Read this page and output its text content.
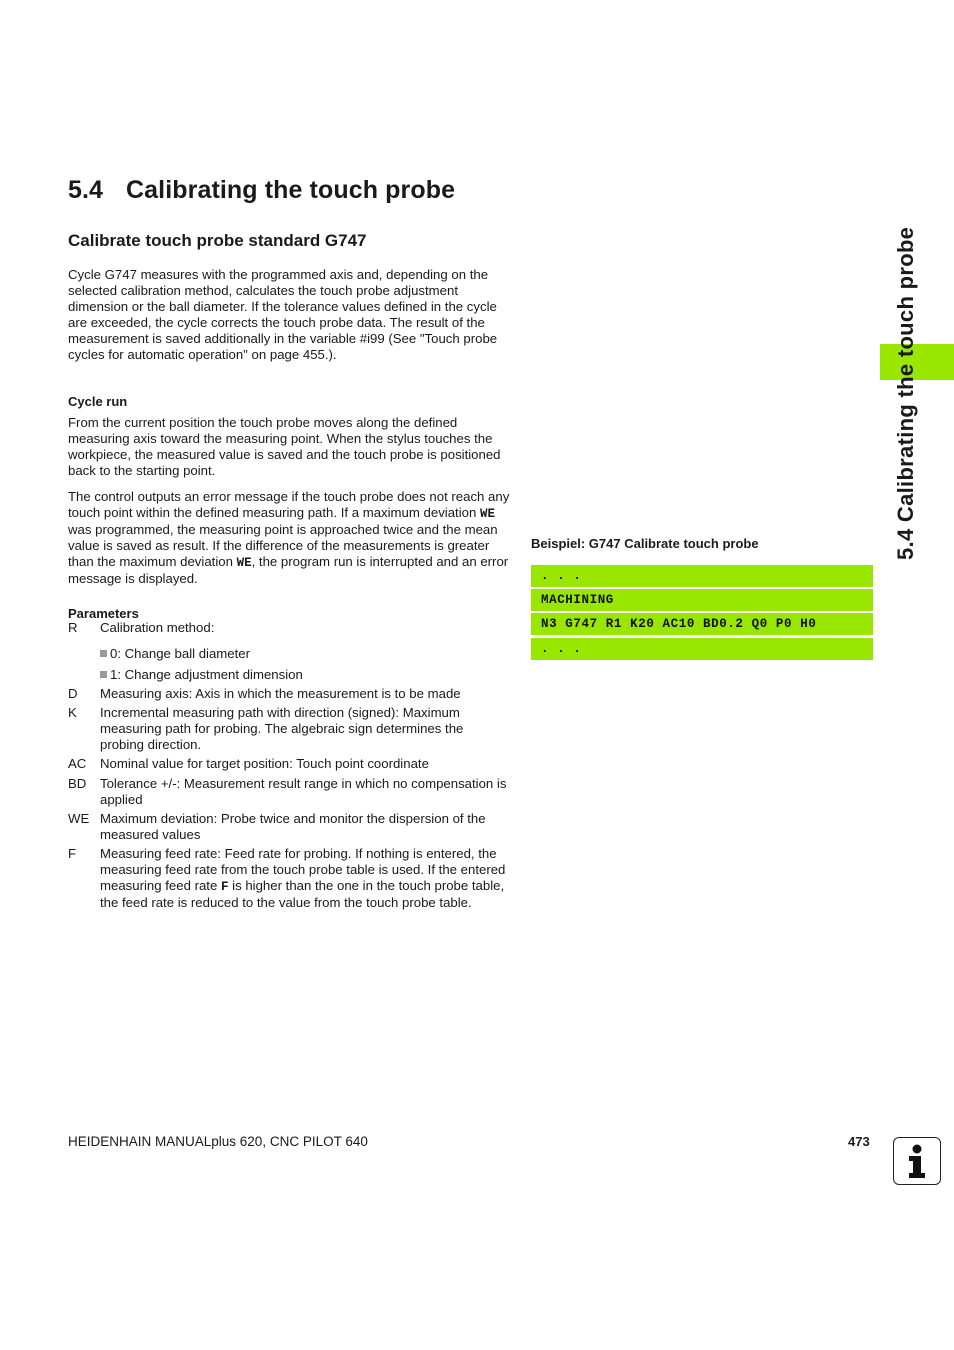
5.4 Calibrating the touch probe
Calibrate touch probe standard G747

Cycle G747 measures with the programmed axis and, depending on the selected calibration method, calculates the touch probe adjustment dimension or the ball diameter. If the tolerance values defined in the cycle are exceeded, the cycle corrects the touch probe data. The result of the measurement is saved additionally in the variable #i99 (See "Touch probe cycles for automatic operation" on page 455.).

Cycle run

From the current position the touch probe moves along the defined measuring axis toward the measuring point. When the stylus touches the workpiece, the measured value is saved and the touch probe is positioned back to the starting point.

The control outputs an error message if the touch probe does not reach any touch point within the defined measuring path. If a maximum deviation WE was programmed, the measuring point is approached twice and the mean value is saved as result. If the difference of the measurements is greater than the maximum deviation WE, the program run is interrupted and an error message is displayed.

Parameters
R Calibration method:
0: Change ball diameter
1: Change adjustment dimension
D Measuring axis: Axis in which the measurement is to be made
K Incremental measuring path with direction (signed): Maximum measuring path for probing. The algebraic sign determines the probing direction.
AC Nominal value for target position: Touch point coordinate
BD Tolerance +/-: Measurement result range in which no compensation is applied
WE Maximum deviation: Probe twice and monitor the dispersion of the measured values
F Measuring feed rate: Feed rate for probing. If nothing is entered, the measuring feed rate from the touch probe table is used. If the entered measuring feed rate F is higher than the one in the touch probe table, the feed rate is reduced to the value from the touch probe table.
Beispiel: G747 Calibrate touch probe
. . .
MACHINING
N3 G747 R1 K20 AC10 BD0.2 Q0 P0 H0
. . .
5.4 Calibrating the touch probe

HEIDENHAIN MANUALplus 620, CNC PILOT 640	473
